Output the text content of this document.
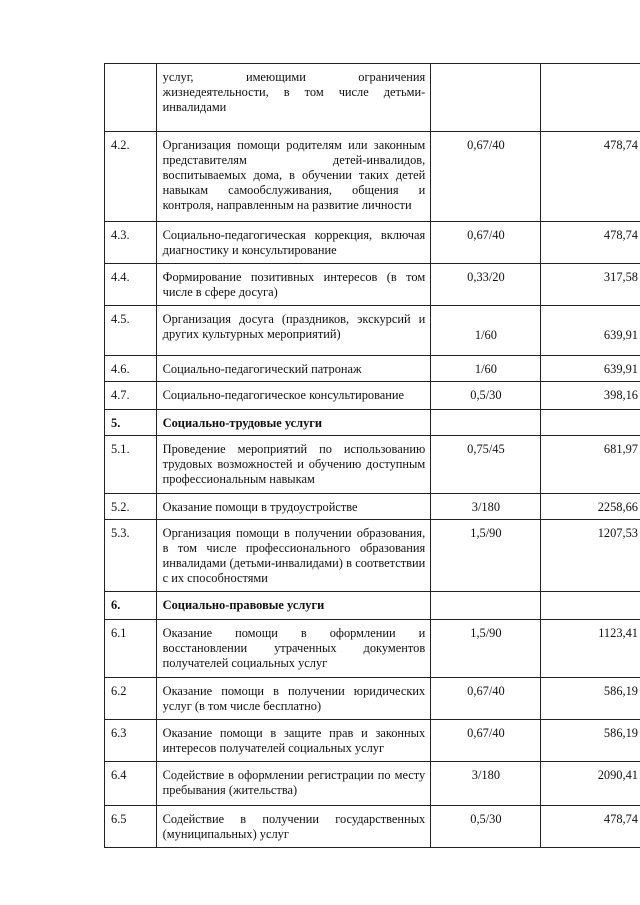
	услуг, имеющими ограничения жизнедеятельности, в том числе детьми-инвалидами		
4.2.	Организация помощи родителям или законным представителям детей-инвалидов, воспитываемых дома, в обучении таких детей навыкам самообслуживания, общения и контроля, направленным на развитие личности	0,67/40	478,74
4.3.	Социально-педагогическая коррекция, включая диагностику и консультирование	0,67/40	478,74
4.4.	Формирование позитивных интересов (в том числе в сфере досуга)	0,33/20	317,58
4.5.	Организация досуга (праздников, экскурсий и других культурных мероприятий)	1/60	639,91
4.6.	Социально-педагогический патронаж	1/60	639,91
4.7.	Социально-педагогическое консультирование	0,5/30	398,16
5.	Социально-трудовые услуги		
5.1.	Проведение мероприятий по использованию трудовых возможностей и обучению доступным профессиональным навыкам	0,75/45	681,97
5.2.	Оказание помощи в трудоустройстве	3/180	2258,66
5.3.	Организация помощи в получении образования, в том числе профессионального образования инвалидами (детьми-инвалидами) в соответствии с их способностями	1,5/90	1207,53
6.	Социально-правовые услуги		
6.1	Оказание помощи в оформлении и восстановлении утраченных документов получателей социальных услуг	1,5/90	1123,41
6.2	Оказание помощи в получении юридических услуг (в том числе бесплатно)	0,67/40	586,19
6.3	Оказание помощи в защите прав и законных интересов получателей социальных услуг	0,67/40	586,19
6.4	Содействие в оформлении регистрации по месту пребывания (жительства)	3/180	2090,41
6.5	Содействие в получении государственных (муниципальных) услуг	0,5/30	478,74
